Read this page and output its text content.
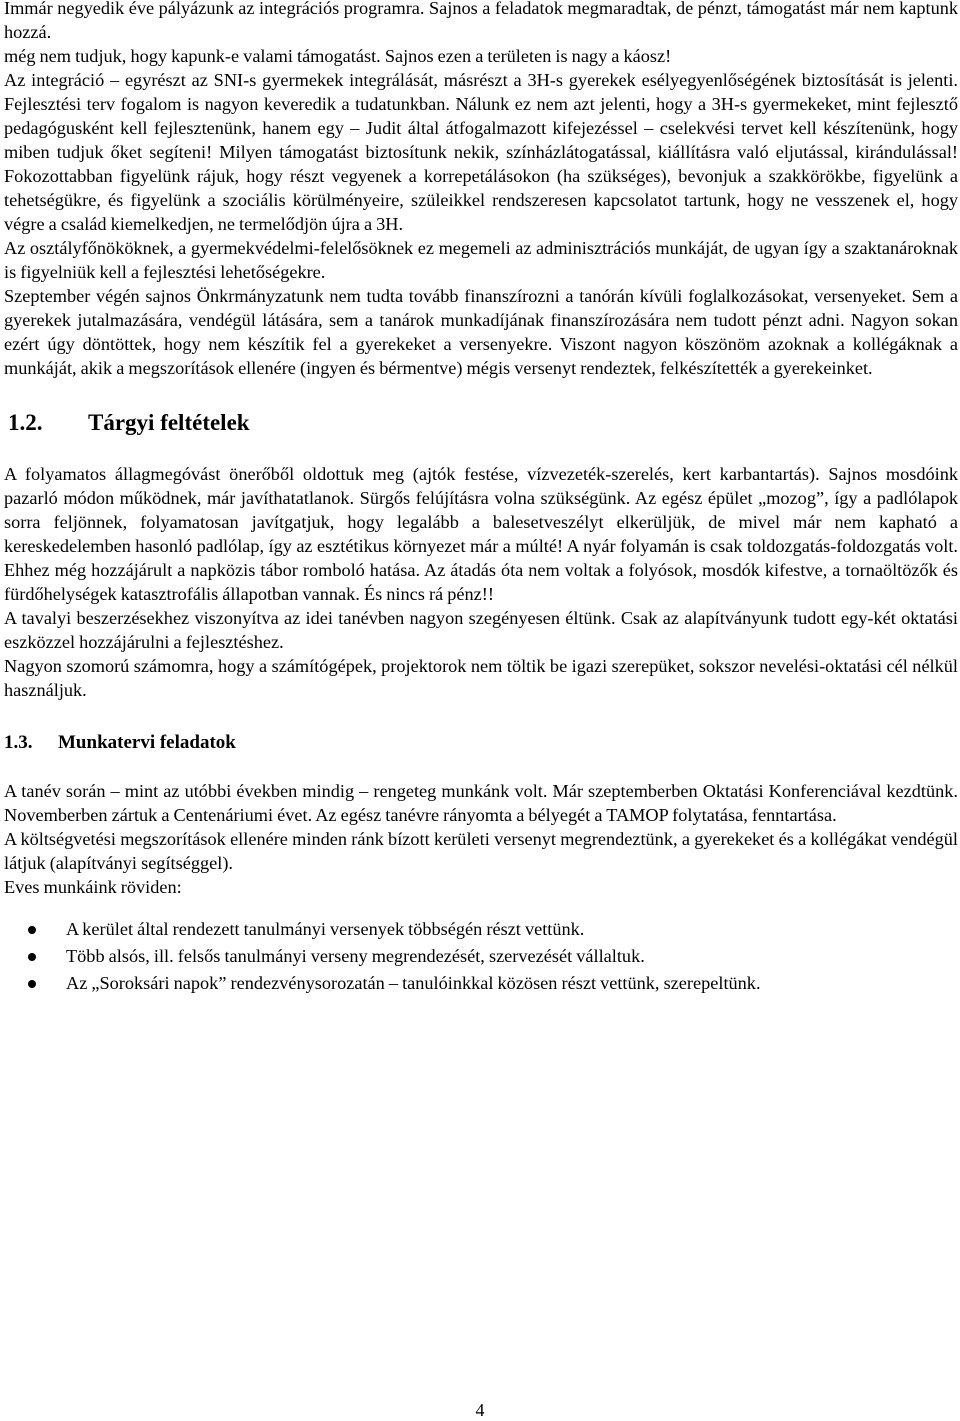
Immár negyedik éve pályázunk az integrációs programra. Sajnos a feladatok megmaradtak, de pénzt, támogatást már nem kaptunk hozzá.

még nem tudjuk, hogy kapunk-e valami támogatást. Sajnos ezen a területen is nagy a káosz!

Az integráció – egyrészt az SNI-s gyermekek integrálását, másrészt a 3H-s gyerekek esélyegyenlőségének biztosítását is jelenti. Fejlesztési terv fogalom is nagyon keveredik a tudatunkban. Nálunk ez nem azt jelenti, hogy a 3H-s gyermekeket, mint fejlesztő pedagógusként kell fejlesztenünk, hanem egy – Judit által átfogalmazott kifejezéssel – cselekvési tervet kell készítenünk, hogy miben tudjuk őket segíteni! Milyen támogatást biztosítunk nekik, színházlátogatással, kiállításra való eljutással, kirándulással! Fokozottabban figyelünk rájuk, hogy részt vegyenek a korrepetálásokon (ha szükséges), bevonjuk a szakkörökbe, figyelünk a tehetségükre, és figyelünk a szociális körülményeire, szüleikkel rendszeresen kapcsolatot tartunk, hogy ne vesszenek el, hogy végre a család kiemelkedjen, ne termelődjön újra a 3H.

Az osztályfőnököknek, a gyermekvédelmi-felelősöknek ez megemeli az adminisztrációs munkáját, de ugyan így a szaktanároknak is figyelniük kell a fejlesztési lehetőségekre.

Szeptember végén sajnos Önkrmányzatunk nem tudta tovább finanszírozni a tanórán kívüli foglalkozásokat, versenyeket. Sem a gyerekek jutalmazására, vendégül látására, sem a tanárok munkadíjának finanszírozására nem tudott pénzt adni. Nagyon sokan ezért úgy döntöttek, hogy nem készítik fel a gyerekeket a versenyekre. Viszont nagyon köszönöm azoknak a kollégáknak a munkáját, akik a megszorítások ellenére (ingyen és bérmentve) mégis versenyt rendeztek, felkészítették a gyerekeinket.

1.2. Tárgyi feltételek

A folyamatos állagmegóvást önerőből oldottuk meg (ajtók festése, vízvezeték-szerelés, kert karbantartás). Sajnos mosdóink pazarló módon működnek, már javíthatatlanok. Sürgős felújításra volna szükségünk. Az egész épület „mozog”, így a padlólapok sorra feljönnek, folyamatosan javítgatjuk, hogy legalább a balesetveszélyt elkerüljük, de mivel már nem kapható a kereskedelemben hasonló padlólap, így az esztétikus környezet már a múlté! A nyár folyamán is csak toldozgatás-foldozgatás volt. Ehhez még hozzájárult a napközis tábor romboló hatása. Az átadás óta nem voltak a folyósok, mosdók kifestve, a tornaöltözők és fürdőhelységek katasztrofális állapotban vannak. És nincs rá pénz!!

A tavalyi beszerzésekhez viszonyítva az idei tanévben nagyon szegényesen éltünk. Csak az alapítványunk tudott egy-két oktatási eszközzel hozzájárulni a fejlesztéshez.

Nagyon szomorú számomra, hogy a számítógépek, projektorok nem töltik be igazi szerepüket, sokszor nevelési-oktatási cél nélkül használjuk.

1.3. Munkatervi feladatok

A tanév során – mint az utóbbi években mindig – rengeteg munkánk volt. Már szeptemberben Oktatási Konferenciával kezdtünk. Novemberben zártuk a Centenáriumi évet. Az egész tanévre rányomta a bélyegét a TAMOP folytatása, fenntartása.

A költségvetési megszorítások ellenére minden ránk bízott kerületi versenyt megrendeztünk, a gyerekeket és a kollégákat vendégül látjuk (alapítványi segítséggel).

Eves munkáink röviden:

A kerület által rendezett tanulmányi versenyek többségén részt vettünk.
Több alsós, ill. felsős tanulmányi verseny megrendezését, szervezését vállaltuk.
Az „Soroksári napok” rendezvénysorozatán – tanulóinkkal közösen részt vettünk, szerepeltünk.
4
